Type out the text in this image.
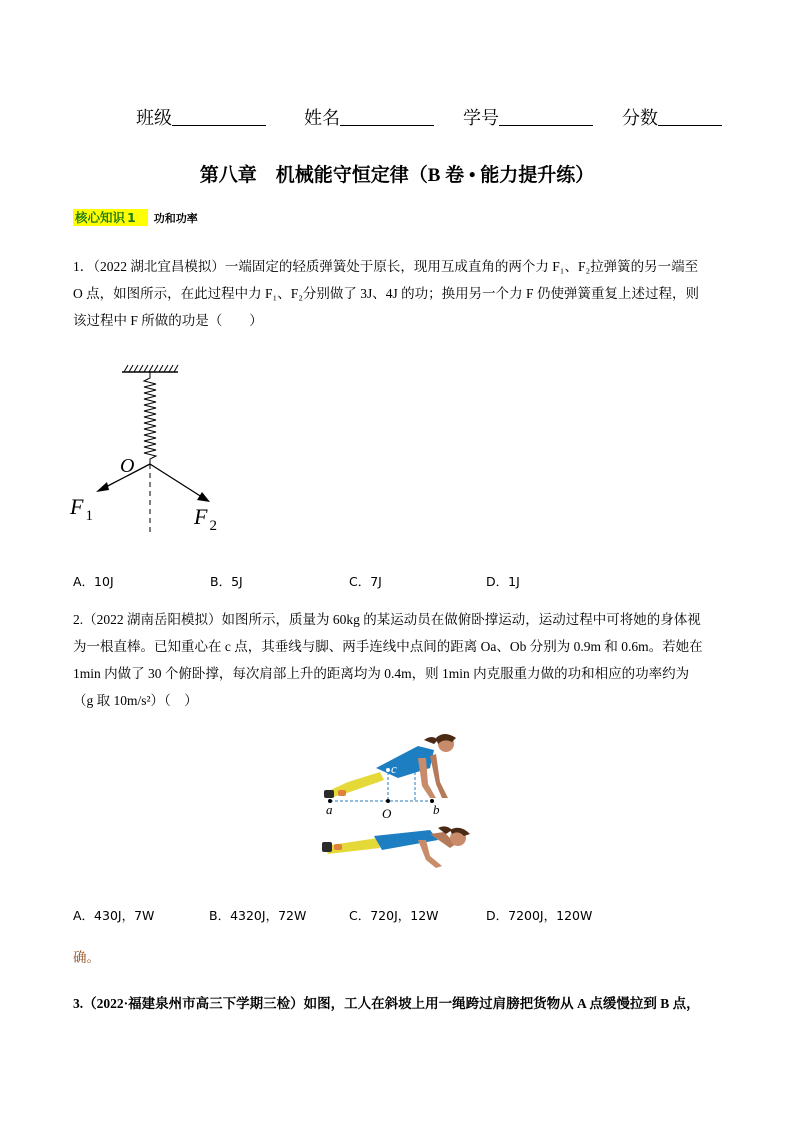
班级	姓名	学号	分数
第八章　机械能守恒定律（B 卷 • 能力提升练）
核心知识 1 功和功率
1．（2022 湖北宜昌模拟）一端固定的轻质弹簧处于原长，现用互成直角的两个力 F₁、F₂拉弹簧的另一端至
O 点，如图所示，在此过程中力 F₁、F₂分别做了 3J、4J 的功；换用另一个力 F 仍使弹簧重复上述过程，则
该过程中 F 所做的功是（　　）
O
F $_1$	F $_2$
A．10J	B．5J	C．7J	D．1J
2.（2022 湖南岳阳模拟）如图所示，质量为 60kg 的某运动员在做俯卧撑运动，运动过程中可将她的身体视
为一根直棒。已知重心在 c 点，其垂线与脚、两手连线中点间的距离 Oa、Ob 分别为 0.9m 和 0.6m。若她在
1min 内做了 30 个俯卧撑，每次肩部上升的距离均为 0.4m，则 1min 内克服重力做的功和相应的功率约为
（g 取 10m/s²）（　）
c
a	O	b
A．430J，7W	B．4320J，72W	C．720J，12W	D．7200J，120W
确。
3.（2022·福建泉州市高三下学期三检）如图，工人在斜坡上用一绳跨过肩膀把货物从 A 点缓慢拉到 B 点，
